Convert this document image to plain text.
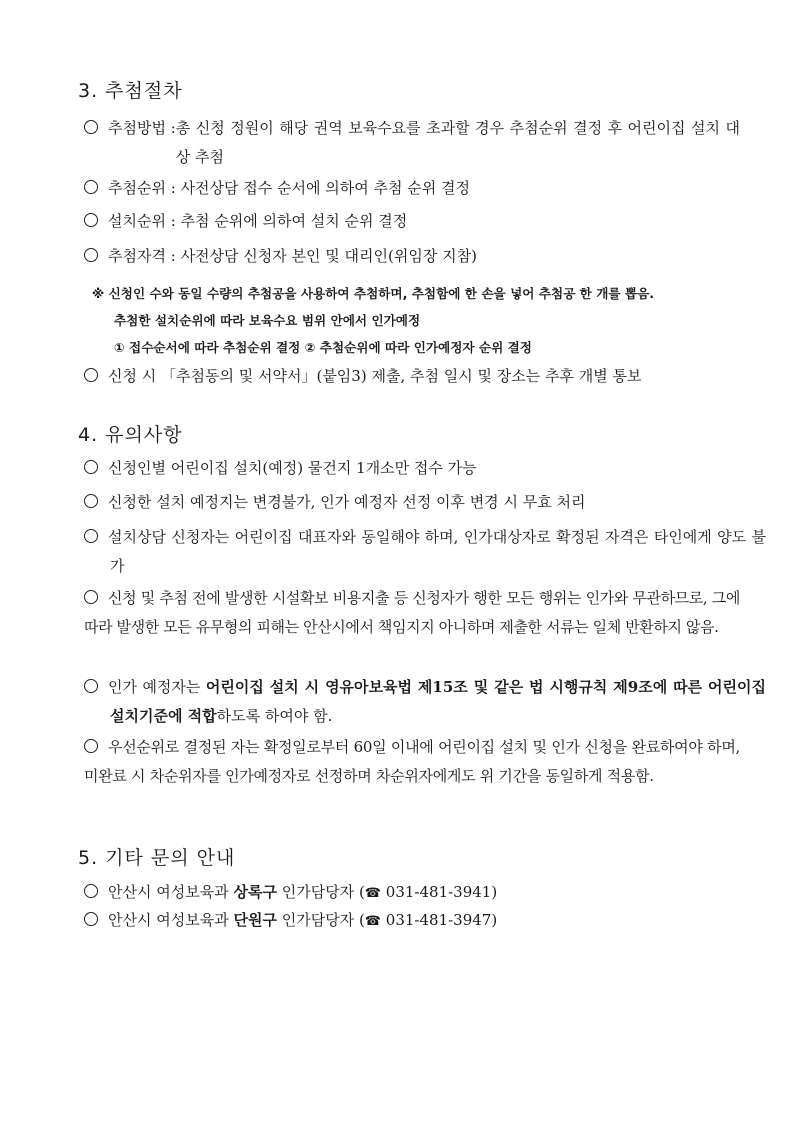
3. 추첨절차
추첨방법 : 총 신청 정원이 해당 권역 보육수요를 초과할 경우 추첨순위 결정 후 어린이집 설치 대상 추첨
추첨순위 : 사전상담 접수 순서에 의하여 추첨 순위 결정
설치순위 : 추첨 순위에 의하여 설치 순위 결정
추첨자격 : 사전상담 신청자 본인 및 대리인(위임장 지참)
※ 신청인 수와 동일 수량의 추첨공을 사용하여 추첨하며, 추첨함에 한 손을 넣어 추첨공 한 개를 뽑음.
추첨한 설치순위에 따라 보육수요 범위 안에서 인가예정
① 접수순서에 따라 추첨순위 결정 ② 추첨순위에 따라 인가예정자 순위 결정
신청 시 「추첨동의 및 서약서」(붙임3) 제출, 추첨 일시 및 장소는 추후 개별 통보
4. 유의사항
신청인별 어린이집 설치(예정) 물건지 1개소만 접수 가능
신청한 설치 예정지는 변경불가, 인가 예정자 선정 이후 변경 시 무효 처리
설치상담 신청자는 어린이집 대표자와 동일해야 하며, 인가대상자로 확정된 자격은 타인에게 양도 불가
신청 및 추첨 전에 발생한 시설확보 비용지출 등 신청자가 행한 모든 행위는 인가와 무관하므로, 그에 따라 발생한 모든 유무형의 피해는 안산시에서 책임지지 아니하며 제출한 서류는 일체 반환하지 않음.
인가 예정자는 어린이집 설치 시 영유아보육법 제15조 및 같은 법 시행규칙 제9조에 따른 어린이집 설치기준에 적합하도록 하여야 함.
우선순위로 결정된 자는 확정일로부터 60일 이내에 어린이집 설치 및 인가 신청을 완료하여야 하며, 미완료 시 차순위자를 인가예정자로 선정하며 차순위자에게도 위 기간을 동일하게 적용함.
5. 기타 문의 안내
안산시 여성보육과 상록구 인가담당자 (☎ 031-481-3941)
안산시 여성보육과 단원구 인가담당자 (☎ 031-481-3947)
